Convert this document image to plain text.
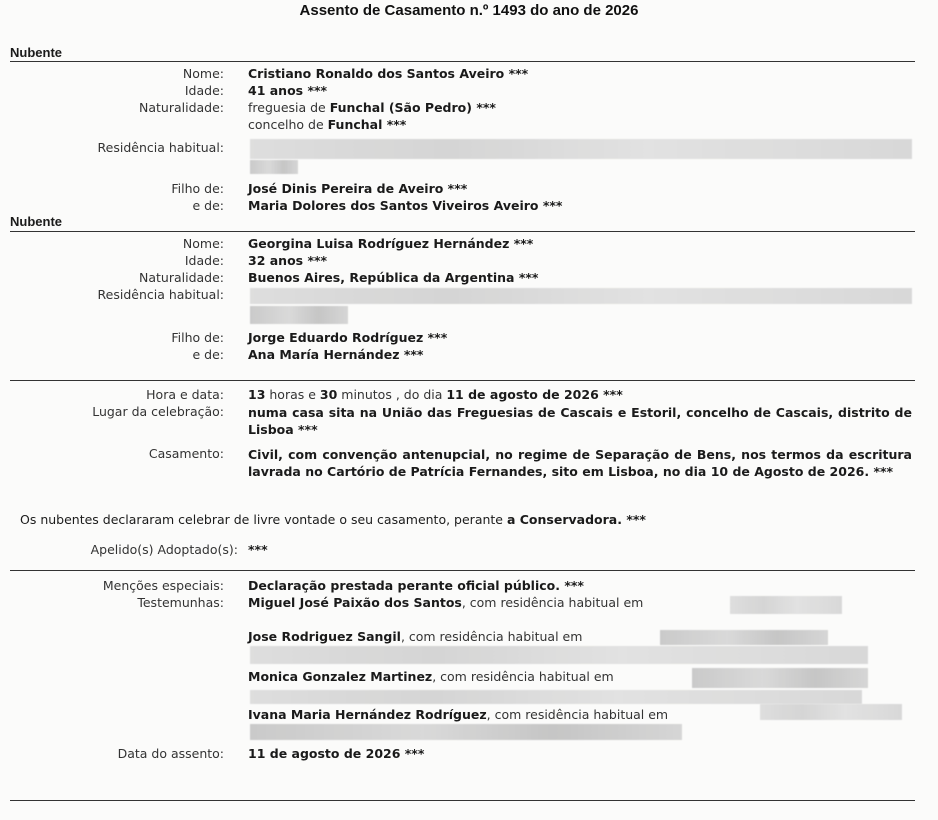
Assento de Casamento n.º 1493 do ano de 2026
Nubente
Nome: Cristiano Ronaldo dos Santos Aveiro ***
Idade: 41 anos ***
Naturalidade: freguesia de Funchal (São Pedro) ***
concelho de Funchal ***
Residência habitual:
Filho de: José Dinis Pereira de Aveiro ***
e de: Maria Dolores dos Santos Viveiros Aveiro ***
Nubente
Nome: Georgina Luisa Rodríguez Hernández ***
Idade: 32 anos ***
Naturalidade: Buenos Aires, República da Argentina ***
Residência habitual:
Filho de: Jorge Eduardo Rodríguez ***
e de: Ana María Hernández ***
Hora e data: 13 horas e 30 minutos , do dia 11 de agosto de 2026 ***
Lugar da celebração: numa casa sita na União das Freguesias de Cascais e Estoril, concelho de Cascais, distrito de Lisboa ***
Casamento: Civil, com convenção antenupcial, no regime de Separação de Bens, nos termos da escritura lavrada no Cartório de Patrícia Fernandes, sito em Lisboa, no dia 10 de Agosto de 2026. ***
Os nubentes declararam celebrar de livre vontade o seu casamento, perante a Conservadora. ***
Apelido(s) Adoptado(s): ***
Menções especiais: Declaração prestada perante oficial público. ***
Testemunhas: Miguel José Paixão dos Santos, com residência habitual em
Jose Rodriguez Sangil, com residência habitual em
Monica Gonzalez Martinez, com residência habitual em
Ivana Maria Hernández Rodríguez, com residência habitual em
Data do assento: 11 de agosto de 2026 ***
